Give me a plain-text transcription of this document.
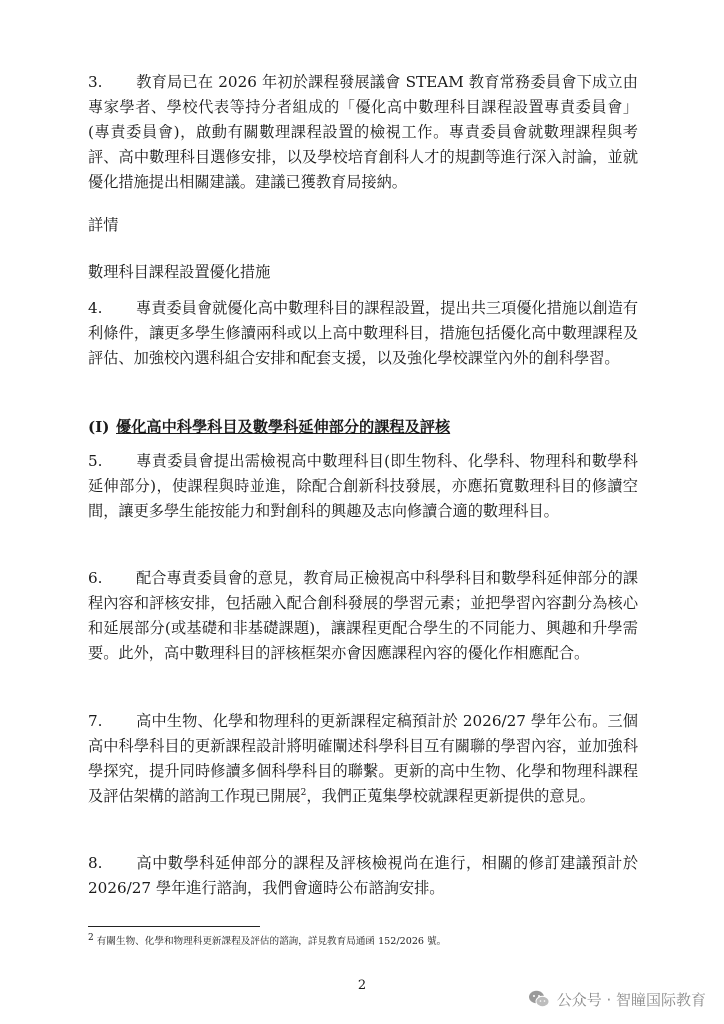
3. 教育局已在 2026 年初於課程發展議會 STEAM 教育常務委員會下成立由專家學者、學校代表等持分者組成的「優化高中數理科目課程設置專責委員會」(專責委員會)，啟動有關數理課程設置的檢視工作。專責委員會就數理課程與考評、高中數理科目選修安排，以及學校培育創科人才的規劃等進行深入討論，並就優化措施提出相關建議。建議已獲教育局接納。

詳情

數理科目課程設置優化措施

4. 專責委員會就優化高中數理科目的課程設置，提出共三項優化措施以創造有利條件，讓更多學生修讀兩科或以上高中數理科目，措施包括優化高中數理課程及評估、加強校內選科組合安排和配套支援，以及強化學校課堂內外的創科學習。

(I) 優化高中科學科目及數學科延伸部分的課程及評核

5. 專責委員會提出需檢視高中數理科目(即生物科、化學科、物理科和數學科延伸部分)，使課程與時並進，除配合創新科技發展，亦應拓寬數理科目的修讀空間，讓更多學生能按能力和對創科的興趣及志向修讀合適的數理科目。

6. 配合專責委員會的意見，教育局正檢視高中科學科目和數學科延伸部分的課程內容和評核安排，包括融入配合創科發展的學習元素；並把學習內容劃分為核心和延展部分(或基礎和非基礎課題)，讓課程更配合學生的不同能力、興趣和升學需要。此外，高中數理科目的評核框架亦會因應課程內容的優化作相應配合。

7. 高中生物、化學和物理科的更新課程定稿預計於 2026/27 學年公布。三個高中科學科目的更新課程設計將明確闡述科學科目互有關聯的學習內容，並加強科學探究，提升同時修讀多個科學科目的聯繫。更新的高中生物、化學和物理科課程及評估架構的諮詢工作現已開展$^2$，我們正蒐集學校就課程更新提供的意見。

8. 高中數學科延伸部分的課程及評核檢視尚在進行，相關的修訂建議預計於 2026/27 學年進行諮詢，我們會適時公布諮詢安排。

$^2$ 有關生物、化學和物理科更新課程及評估的諮詢，詳見教育局通函 152/2026 號。
2
公众号 · 智瞳国际教育
